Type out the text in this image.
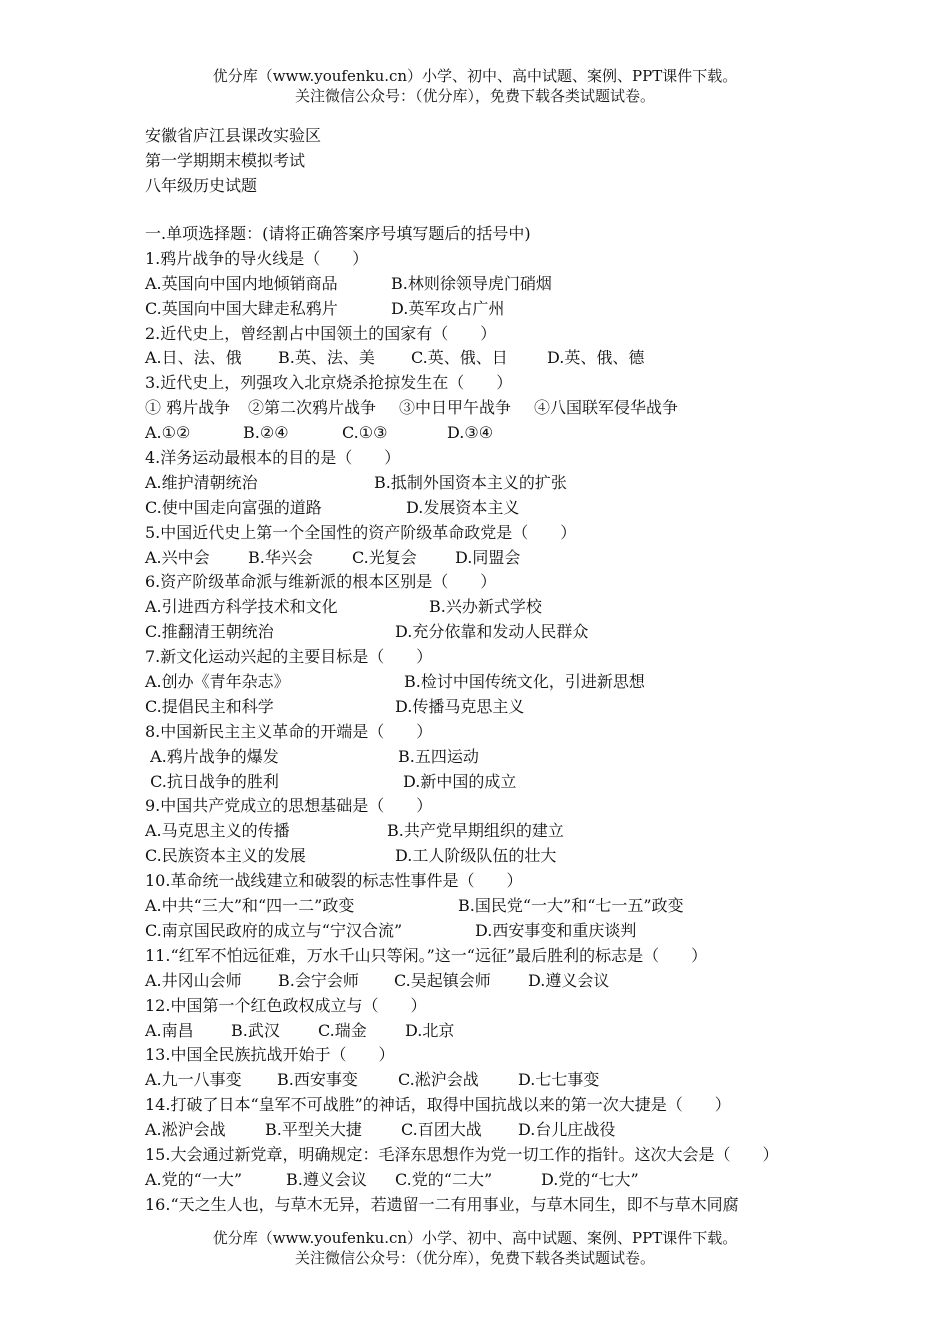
优分库（www.youfenku.cn）小学、初中、高中试题、案例、PPT课件下载。
关注微信公众号：（优分库），免费下载各类试题试卷。
安徽省庐江县课改实验区
第一学期期末模拟考试
八年级历史试题
一.单项选择题：(请将正确答案序号填写题后的括号中)
1.鸦片战争的导火线是（　　）
A.英国向中国内地倾销商品	B.林则徐领导虎门硝烟
C.英国向中国大肆走私鸦片	D.英军攻占广州
2.近代史上，曾经割占中国领土的国家有（　　）
A.日、法、俄 B.英、法、美 C.英、俄、日 D.英、俄、德
3.近代史上，列强攻入北京烧杀抢掠发生在（　　）
① 鸦片战争 ②第二次鸦片战争 ③中日甲午战争 ④八国联军侵华战争
A.①②	B.②④	C.①③	D.③④
4.洋务运动最根本的目的是（　　）
A.维护清朝统治	B.抵制外国资本主义的扩张
C.使中国走向富强的道路	D.发展资本主义
5.中国近代史上第一个全国性的资产阶级革命政党是（　　）
A.兴中会 B.华兴会 C.光复会 D.同盟会
6.资产阶级革命派与维新派的根本区别是（　　）
A.引进西方科学技术和文化	B.兴办新式学校
C.推翻清王朝统治	D.充分依靠和发动人民群众
7.新文化运动兴起的主要目标是（　　）
A.创办《青年杂志》	B.检讨中国传统文化，引进新思想
C.提倡民主和科学	D.传播马克思主义
8.中国新民主主义革命的开端是（　　）
A.鸦片战争的爆发	B.五四运动
C.抗日战争的胜利	D.新中国的成立
9.中国共产党成立的思想基础是（　　）
A.马克思主义的传播	B.共产党早期组织的建立
C.民族资本主义的发展	D.工人阶级队伍的壮大
10.革命统一战线建立和破裂的标志性事件是（　　）
A.中共“三大”和“四一二”政变	B.国民党“一大”和“七一五”政变
C.南京国民政府的成立与“宁汉合流”	D.西安事变和重庆谈判
11.“红军不怕远征难，万水千山只等闲。”这一“远征”最后胜利的标志是（　　）
A.井冈山会师 B.会宁会师 C.吴起镇会师 D.遵义会议
12.中国第一个红色政权成立与（　　）
A.南昌 B.武汉 C.瑞金 D.北京
13.中国全民族抗战开始于（　　）
A.九一八事变 B.西安事变	C.淞沪会战 D.七七事变
14.打破了日本“皇军不可战胜”的神话，取得中国抗战以来的第一次大捷是（　　）
A.淞沪会战 B.平型关大捷 C.百团大战 D.台儿庄战役
15.大会通过新党章，明确规定：毛泽东思想作为党一切工作的指针。这次大会是（　　）
A.党的“一大”	B.遵义会议 C.党的“二大”	D.党的“七大”
16.“天之生人也，与草木无异，若遗留一二有用事业，与草木同生，即不与草木同腐
优分库（www.youfenku.cn）小学、初中、高中试题、案例、PPT课件下载。
关注微信公众号：（优分库），免费下载各类试题试卷。
